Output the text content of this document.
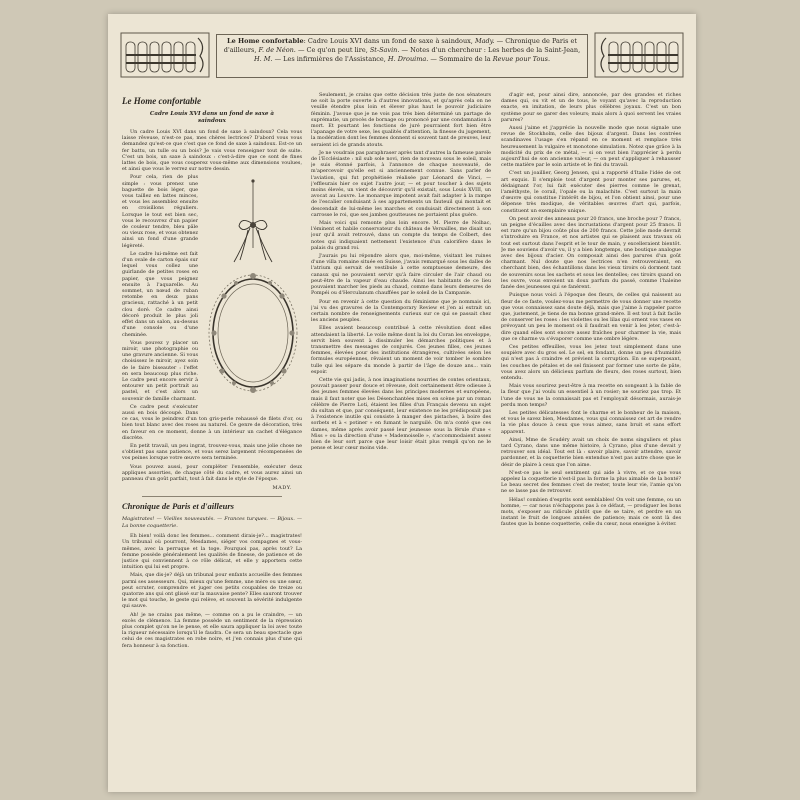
Le Home confortable: Cadre Louis XVI dans un fond de saxe à saindoux, Mady. — Chronique de Paris et d'ailleurs, F. de Néon. — Ce qu'on peut lire, St-Savin. — Notes d'un chercheur : Les herbes de la Saint-Jean, H. M. — Les infirmières de l'Assistance, H. Drouima. — Sommaire de la Revue pour Tous.
Le Home confortable
Cadre Louis XVI dans un fond de saxe à saindoux

Un cadre Louis XVI dans un fond de saxe à saindoux? Cela vous laisse rêveuse, n'est-ce pas, mes chères lectrices? D'abord vous vous demandez qu'est-ce que c'est que ce fond de saxe à saindoux. Est-ce un fer battu, un tulle ou un bois? Je vais vous renseigner tout de suite. C'est un bois, un saxe à saindoux : c'est-à-dire que ce sont de fines lattes de bois, que vous couperez vous-même aux dimensions voulues, et ainsi que vous le verrez sur notre dessin.

Pour cela, rien de plus simple : vous prenez une baguette de bois léger, que vous taillez en lattes minces, et vous les assemblez ensuite en croisillons réguliers. Lorsque le tout est bien sec, vous le recouvrez d'un papier de couleur tendre, bleu pâle ou vieux rose, et vous obtenez ainsi un fond d'une grande légèreté.

Le cadre lui-même est fait d'un ovale de carton épais sur lequel vous collez une guirlande de petites roses en papier, que vous peignez ensuite à l'aquarelle. Au sommet, un nœud de ruban retombe en deux pans gracieux, rattaché à un petit clou doré. Ce cadre ainsi décoré produit le plus joli effet dans un salon, au-dessus d'une console ou d'une cheminée.

Vous pouvez y placer un miroir, une photographie ou une gravure ancienne. Si vous choisissez le miroir, ayez soin de le faire biseauter : l'effet en sera beaucoup plus riche. Le cadre peut encore servir à entourer un petit portrait au pastel, et c'est alors un souvenir de famille charmant.

Ce cadre peut s'exécuter aussi en bois découpé. Dans ce cas, vous le peindrez d'un ton gris-perle rehaussé de filets d'or, ou bien tout blanc avec des roses au naturel. Ce genre de décoration, très en faveur en ce moment, donne à un intérieur un cachet d'élégance discrète.

En petit travail, un peu ingrat, trouvez-vous, mais une jolie chose ne s'obtient pas sans patience, et vous serez largement récompensées de vos peines lorsque votre œuvre sera terminée.

Vous pouvez aussi, pour compléter l'ensemble, exécuter deux appliques assorties, de chaque côté du cadre, et vous aurez ainsi un panneau d'un goût parfait, tout à fait dans le style de l'époque.

MADY.
Chronique de Paris et d'ailleurs
Magistrates! — Vieilles nouveautés. — Frances turques. — Bijoux. — La bonne coquetterie.

Eh bien! voilà donc les femmes... comment dirais-je?... magistrates! Un tribunal où pourront, Mesdames, siéger vos compagnes et vous-mêmes, avec la perruque et la toge. Pourquoi pas, après tout? La femme possède généralement les qualités de finesse, de patience et de justice qui conviennent à ce rôle délicat, et elle y apportera cette intuition qui lui est propre.

Mais, que dis-je? déjà un tribunal pour enfants accueille des femmes parmi ses assesseurs. Qui, mieux qu'une femme, une mère ou une sœur, peut scruter, comprendre et juger ces petits coupables de treize ou quatorze ans qui ont glissé sur la mauvaise pente? Elles sauront trouver le mot qui touche, le geste qui relève, et souvent la sévérité indulgente qui sauve.

Ah! je ne crains pas même, — comme on a pu le craindre, — un excès de clémence. La femme possède un sentiment de la répression plus complet qu'on ne le pense, et elle saura appliquer la loi avec toute la rigueur nécessaire lorsqu'il le faudra. Ce sera un beau spectacle que celui de ces magistrates en robe noire, et j'en connais plus d'une qui fera honneur à sa fonction.

Seulement, je crains que cette décision très juste de nos sénateurs ne soit la porte ouverte à d'autres innovations, et qu'après cela on ne veuille étendre plus loin et élever plus haut le pouvoir judiciaire féminin. J'avoue que je ne vois pas très bien déterminé un partage de suprématie, un procès de bornage ou prononcé par une condamnation à mort. Et pourtant les fonctions de juré pourraient fort bien être l'apanage de votre sexe, les qualités d'attention, la finesse du jugement, la modération dont les femmes donnent si souvent tant de preuves, leur seraient ici de grands atouts.

Je ne voudrais pas paraphraser après tant d'autres la fameuse parole de l'Ecclésiaste : nil sub sole novi, rien de nouveau sous le soleil, mais je suis étonné parfois, à l'annonce de chaque nouveauté, de m'apercevoir qu'elle est si anciennement connue. Sans parler de l'aviation, qui fut prophétisée réalisée par Léonard de Vinci, — j'effleurais hier ce sujet l'autre jour, — et pour toucher à des sujets moins élevés, un vient de découvrir qu'il existait, sous Louis XVIII, un avocat au Louvre. Le monarque impotent avait fait adapter à la rampe de l'escalier conduisant à ses appartements un fauteuil qui montait et descendait de lui-même les marches et conduisait directement à son carrosse le roi, que ses jambes goutteuses ne portaient plus guère.

Mais voici qui remonte plus loin encore. M. Pierre de Nolhac, l'éminent et habile conservateur du château de Versailles, me disait un jour qu'il avait retrouvé, dans un compte du temps de Colbert, des notes qui indiquaient nettement l'existence d'un calorifère dans le palais du grand roi.

J'aurais pu lui répondre alors que, moi-même, visitant les ruines d'une villa romaine située en Suisse, j'avais remarqué sous les dalles de l'atrium qui servait de vestibule à cette somptueuse demeure, des canaux qui ne pouvaient servir qu'à faire circuler de l'air chaud ou peut-être de la vapeur d'eau chaude. Ainsi les habitants de ce lieu pouvaient marcher les pieds au chaud, comme dans leurs demeures de Pompéi ou d'Herculanum chauffées par le soleil de la Campanie.

Pour en revenir à cette question du féminisme que je nommais ici, j'ai vu des gravures de la Contemporary Review et j'en ai extrait un certain nombre de renseignements curieux sur ce qui se passait chez les anciens peuples.

Elles avaient beaucoup contribué à cette révolution dont elles attendaient la liberté. Le voile même dont la loi du Coran les enveloppe, servit bien souvent à dissimuler les démarches politiques et à transmettre des messages de conjurés. Ces jeunes filles, ces jeunes femmes, élevées pour des institutions étrangères, cultivées selon les formules européennes, rêvaient un moment de voir tomber le sombre tulle qui les sépare du monde à partir de l'âge de douze ans... vain espoir.

Cette vie qui jadis, à nos imaginations nourries de contes orientaux, pouvait passer pour douce et rêveuse, doit certainement être odieuse à des jeunes femmes élevées dans les principes modernes et européens, mais il faut noter que les Désenchantées mises en scène par un roman célèbre de Pierre Loti, étaient les filles d'un Français devenu un sujet du sultan et que, par conséquent, leur existence ne les prédisposait pas à l'existence inutile qui consiste à manger des pistaches, à boire des sorbets et à « potiner » en fumant le narguilé. On m'a conté que ces dames, même après avoir passé leur jeunesse sous la férule d'une « Miss » ou la direction d'une « Mademoiselle », s'accommodaient assez bien de leur sort parce que leur loisir était plus rempli qu'on ne le pense et leur cœur moins vide.

d'agir est, pour ainsi dire, annoncée, par des grandes et riches dames qui, ou vit et un de tous, le voyant qu'avec la reproduction exacte, en imitation, de leurs plus célèbres joyaux. C'est un bon système pour se garer des voleurs; mais alors à quoi servent les vraies parures?

Aussi j'aime et j'apprécie la nouvelle mode que nous signale une revue de Stockholm, celle des bijoux d'argent. Dans les contrées scandinaves l'usage s'en répand en ce moment et remplace très heureusement la vulgaire et monotone simulation. Notez que grâce à la modicité du prix de ce métal, — si on veut bien l'apprécier à perdu aujourd'hui de son ancienne valeur, — on peut s'appliquer à rehausser cette matière par le soin artiste et le fini du travail.

C'est un joaillier, Georg Jensen, qui a rapporté d'Italie l'idée de cet art exquis. Il s'emploie tout d'argent pour monter ses parures, et, dédaignant l'or, lui fait exécuter des pierres comme le grenat, l'améthyste, le corail, l'opale ou la malachite. C'est surtout la main d'œuvre qui constitue l'intérêt de bijou, et l'on obtient ainsi, pour une dépense très modique, de véritables œuvres d'art qui, parfois, constituent un exemplaire unique.

On peut avoir des anneaux pour 20 francs, une broche pour 7 francs, un peigne d'écailles avec des incrustations d'argent pour 25 francs. Il est rare qu'un bijou coûte plus de 200 francs. Cette jolie mode devrait s'introduire en France, et nos artistes qui se plaisent aux travaux où tout est surtout dans l'esprit et le tour de main, y excelleraient bientôt. Je me souviens d'avoir vu, il y a bien longtemps, une boutique analogue avec des bijoux d'acier. On composait ainsi des parures d'un goût charmant. Nul doute que nos lectrices n'en retrouveraient, en cherchant bien, des échantillons dans les vieux tiroirs où dorment tant de souvenirs sous les sachets et sous les dentelles; ces tiroirs quand on les ouvre, vous envoient un doux parfum du passé, comme l'haleine fanée des jeunesses qui se fanèrent.

Puisque nous voici à l'époque des fleurs, de celles qui naissent au fleur de ce faste, voulez-vous me permettre de vous donner une recette que vous connaissez sans doute déjà, mais que j'aime à rappeler parce que, justement, je tiens de ma bonne grand-mère. Il est tout à fait facile de conserver les roses : les violettes ou les lilas qui ornent vos vases en prévoyant un peu le moment où il faudrait en venir à les jeter, c'est-à-dire quand elles sont encore assez fraîches pour charmer la vie, mais que ce charme va s'évaporer comme une ombre légère.

Ces petites effeuilles, vous les jetez tout simplement dans une soupière avec du gros sel. Le sel, en fondant, donne un peu d'humidité qui n'est pas à craindre et prévient la corruption. En se superposant, les couches de pétales et de sel finissent par former une sorte de pâte, vous avez alors un délicieux parfum de fleurs, des roses surtout, bien entendu.

Mais vous sourirez peut-être à ma recette en songeant à la fable de la fleur que j'ai voulu un essentiel à un rosier; ne souriez pas trop. Et l'une de vous ne la connaissait pas et l'employait désormais, aurais-je perdu mon temps?

Les petites délicatesses font le charme et le bonheur de la maison, et vous le savez bien, Mesdames, vous qui connaissez cet art de rendre la vie plus douce à ceux que vous aimez, sans bruit et sans effort apparent.

Ainsi, Mme de Scudéry avait un choix de noms singuliers et plus tard Cyrano, dans une même histoire, à Cyrano, plus d'une devait y retrouver son idéal. Tout est là : savoir plaire, savoir attendre, savoir pardonner, et la coquetterie bien entendue n'est pas autre chose que le désir de plaire à ceux que l'on aime.

N'est-ce pas le seul sentiment qui aide à vivre, et ce que vous appelez la coquetterie n'est-il pas la forme la plus aimable de la bonté? Le beau secret des femmes c'est de rester, toute leur vie, l'amie qu'on ne se lasse pas de retrouver.

Hélas! combien d'esprits sont semblables! On voit une femme, ou un homme, — car nous n'échappons pas à ce défaut, — prodiguer les bons mots, s'exposer au ridicule plutôt que de se taire, et perdre en un instant le fruit de longues années de patience; mais ce sont là des fautes que la bonne coquetterie, celle du cœur, nous enseigne à éviter.
